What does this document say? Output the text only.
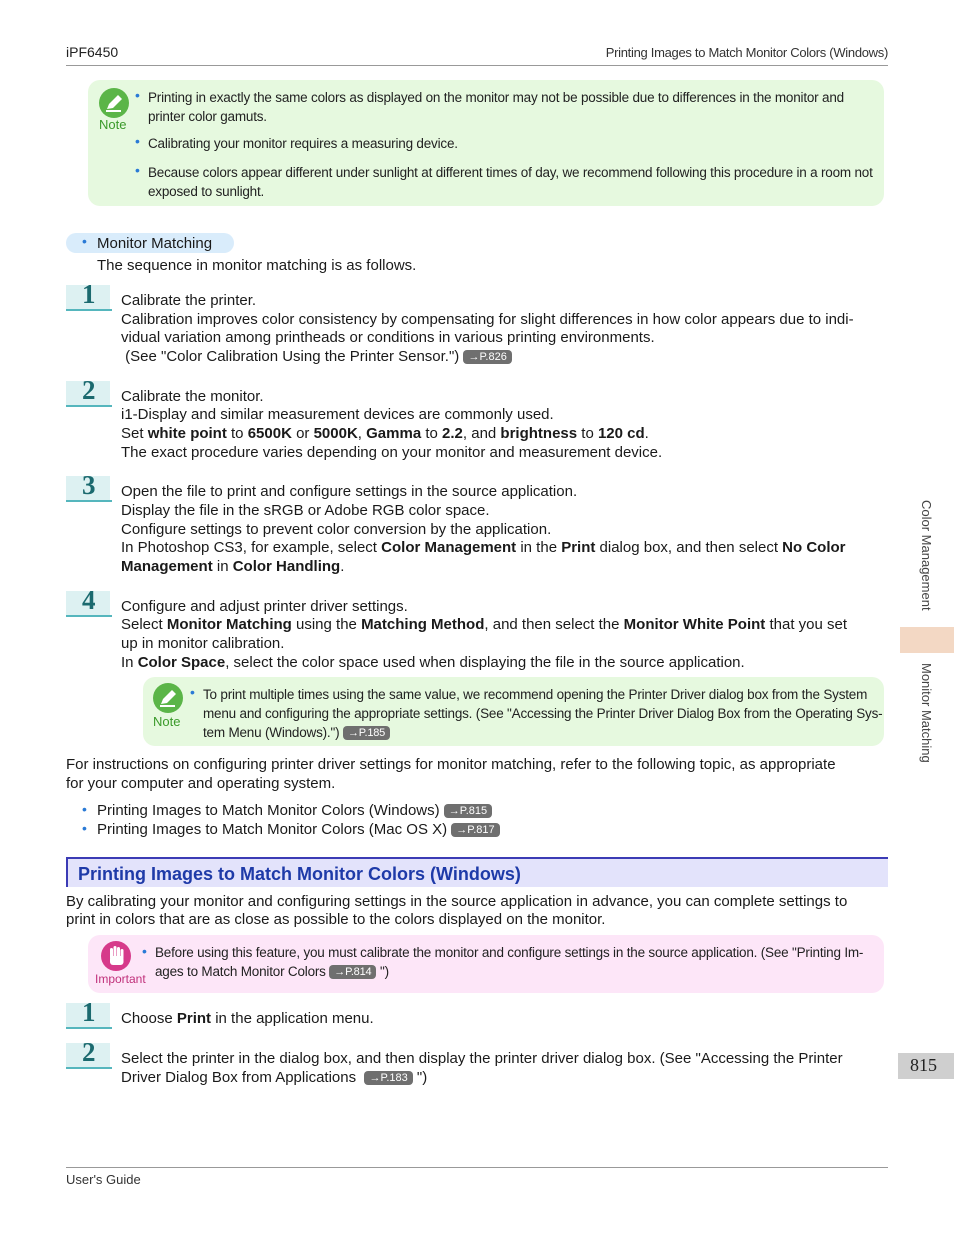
iPF6450	Printing Images to Match Monitor Colors (Windows)
Note
• Printing in exactly the same colors as displayed on the monitor may not be possible due to differences in the monitor and
printer color gamuts.
• Calibrating your monitor requires a measuring device.
• Because colors appear different under sunlight at different times of day, we recommend following this procedure in a room not
exposed to sunlight.
• Monitor Matching
The sequence in monitor matching is as follows.
1 Calibrate the printer.
Calibration improves color consistency by compensating for slight differences in how color appears due to indi-
vidual variation among printheads or conditions in various printing environments.
(See "Color Calibration Using the Printer Sensor.") →P.826
2 Calibrate the monitor.
i1-Display and similar measurement devices are commonly used.
Set white point to 6500K or 5000K, Gamma to 2.2, and brightness to 120 cd.
The exact procedure varies depending on your monitor and measurement device.
3 Open the file to print and configure settings in the source application.
Display the file in the sRGB or Adobe RGB color space.
Configure settings to prevent color conversion by the application.
In Photoshop CS3, for example, select Color Management in the Print dialog box, and then select No Color
Management in Color Handling.
4 Configure and adjust printer driver settings.
Select Monitor Matching using the Matching Method, and then select the Monitor White Point that you set
up in monitor calibration.
In Color Space, select the color space used when displaying the file in the source application.
Note
• To print multiple times using the same value, we recommend opening the Printer Driver dialog box from the System
menu and configuring the appropriate settings. (See "Accessing the Printer Driver Dialog Box from the Operating Sys-
tem Menu (Windows).") →P.185
For instructions on configuring printer driver settings for monitor matching, refer to the following topic, as appropriate
for your computer and operating system.
• Printing Images to Match Monitor Colors (Windows) →P.815
• Printing Images to Match Monitor Colors (Mac OS X) →P.817
Printing Images to Match Monitor Colors (Windows)
By calibrating your monitor and configuring settings in the source application in advance, you can complete settings to
print in colors that are as close as possible to the colors displayed on the monitor.
Important
• Before using this feature, you must calibrate the monitor and configure settings in the source application. (See "Printing Im-
ages to Match Monitor Colors →P.814 ")
1 Choose Print in the application menu.
2 Select the printer in the dialog box, and then display the printer driver dialog box. (See "Accessing the Printer
Driver Dialog Box from Applications  →P.183 ")
Color Management
Monitor Matching
815
User's Guide
